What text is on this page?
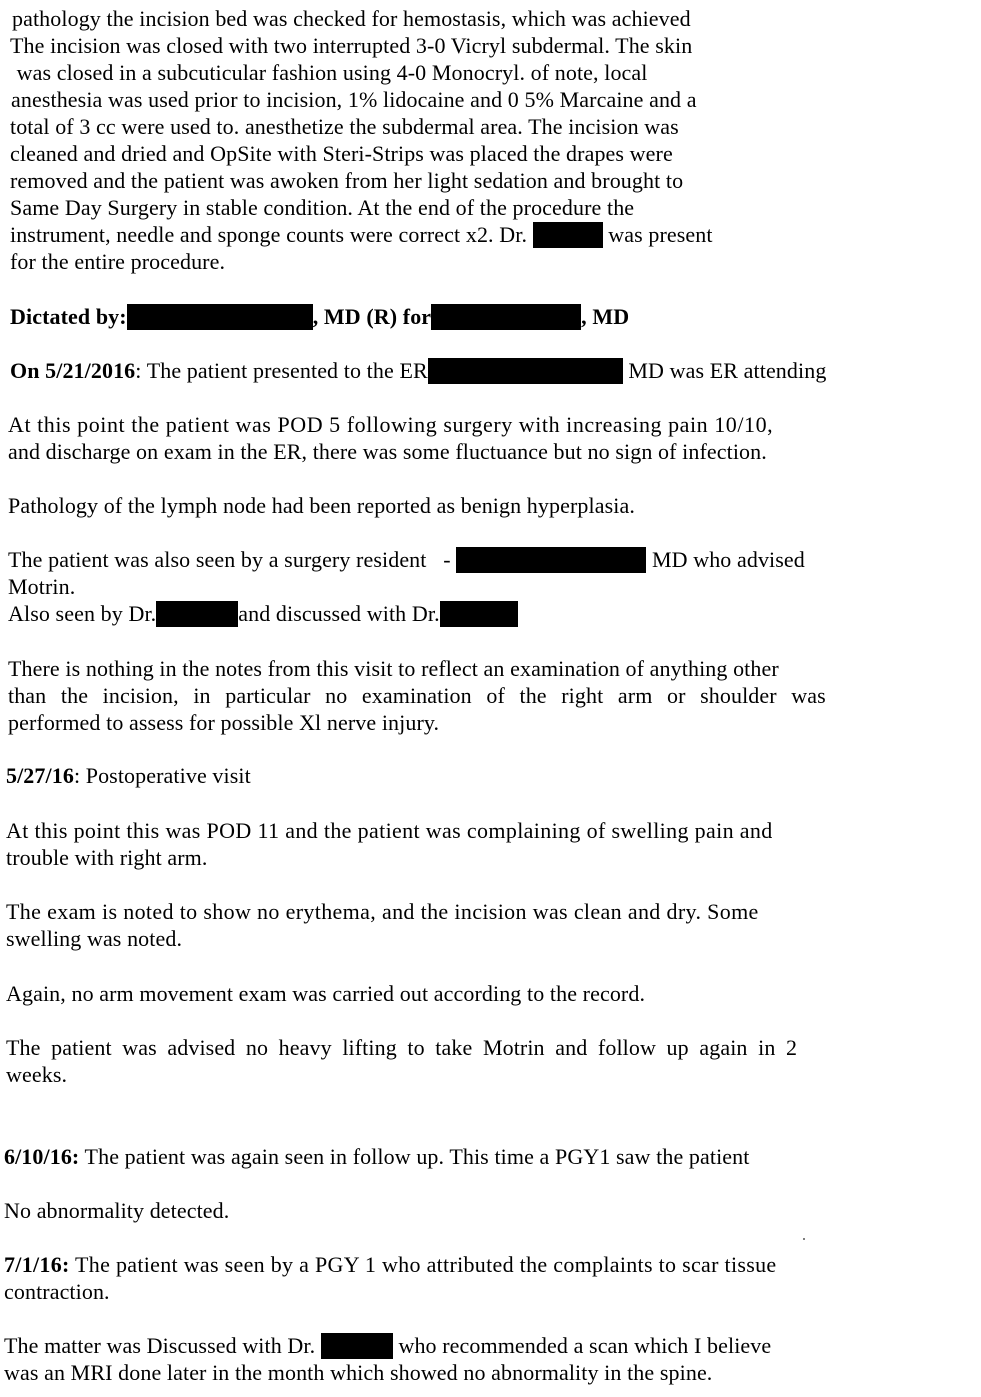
pathology the incision bed was checked for hemostasis, which was achieved
The incision was closed with two interrupted 3-0 Vicryl subdermal. The skin
was closed in a subcuticular fashion using 4-0 Monocryl. of note, local
anesthesia was used prior to incision, 1% lidocaine and 0 5% Marcaine and a
total of 3 cc were used to. anesthetize the subdermal area. The incision was
cleaned and dried and OpSite with Steri-Strips was placed the drapes were
removed and the patient was awoken from her light sedation and brought to
Same Day Surgery in stable condition. At the end of the procedure the
instrument, needle and sponge counts were correct x2. Dr.	was present
for the entire procedure.
Dictated by:	, MD (R) for	, MD
On 5/21/2016: The patient presented to the ER	MD was ER attending
At this point the patient was POD 5 following surgery with increasing pain 10/10,
and discharge on exam in the ER, there was some fluctuance but no sign of infection.
Pathology of the lymph node had been reported as benign hyperplasia.
The patient was also seen by a surgery resident   -	MD who advised
Motrin.
Also seen by Dr.	and discussed with Dr.
There is nothing in the notes from this visit to reflect an examination of anything other
than the incision, in particular no examination of the right arm or shoulder was
performed to assess for possible Xl nerve injury.
5/27/16: Postoperative visit
At this point this was POD 11 and the patient was complaining of swelling pain and
trouble with right arm.
The exam is noted to show no erythema, and the incision was clean and dry. Some
swelling was noted.
Again, no arm movement exam was carried out according to the record.
The patient was advised no heavy lifting to take Motrin and follow up again in 2
weeks.
6/10/16: The patient was again seen in follow up. This time a PGY1 saw the patient
No abnormality detected.
7/1/16: The patient was seen by a PGY 1 who attributed the complaints to scar tissue
contraction.
The matter was Discussed with Dr.	who recommended a scan which I believe
was an MRI done later in the month which showed no abnormality in the spine.
